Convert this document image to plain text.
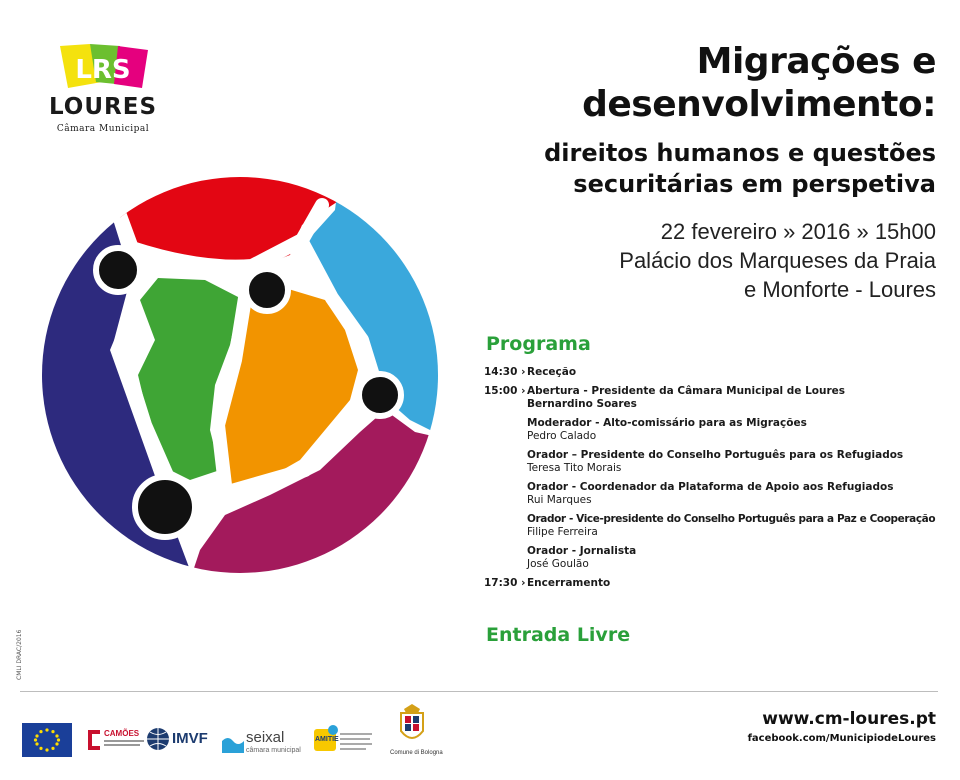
LRS
LOURES
Câmara Municipal
Migrações e
desenvolvimento:
direitos humanos e questões
securitárias em perspetiva
22 fevereiro » 2016 » 15h00
Palácio dos Marqueses da Praia
e Monforte - Loures
Programa
14:30 › Receção
15:00 › Abertura - Presidente da Câmara Municipal de Loures
Bernardino Soares
Moderador - Alto-comissário para as Migrações
Pedro Calado
Orador – Presidente do Conselho Português para os Refugiados
Teresa Tito Morais
Orador - Coordenador da Plataforma de Apoio aos Refugiados
Rui Marques
Orador - Vice-presidente do Conselho Português para a Paz e Cooperação
Filipe Ferreira
Orador - Jornalista
José Goulão
17:30 › Encerramento
Entrada Livre
CMLI DRAC/2016
CAMÕES IMVF	seixal
câmara municipal
AMITIE
Comune di Bologna
www.cm-loures.pt
facebook.com/MunicipiodeLoures
